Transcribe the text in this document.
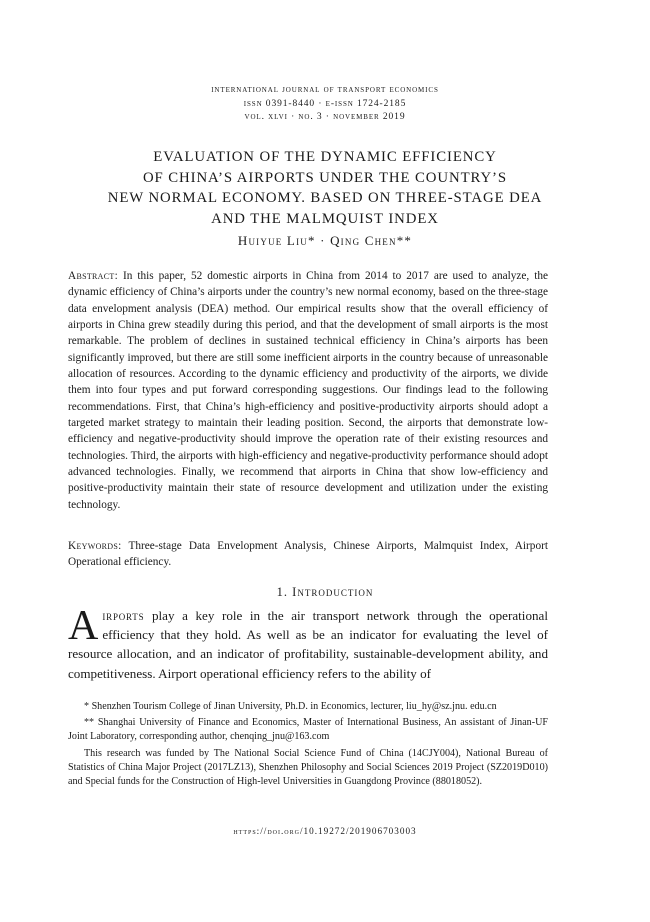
international journal of transport economics
issn 0391-8440 · e-issn 1724-2185
vol. xlvi · no. 3 · november 2019
EVALUATION OF THE DYNAMIC EFFICIENCY
OF CHINA’S AIRPORTS UNDER THE COUNTRY’S
NEW NORMAL ECONOMY. BASED ON THREE-STAGE DEA
AND THE MALMQUIST INDEX
Huiyue Liu* · Qing Chen**

Abstract: In this paper, 52 domestic airports in China from 2014 to 2017 are used to analyze, the dynamic efficiency of China’s airports under the country’s new normal economy, based on the three-stage data envelopment analysis (DEA) method. Our empirical results show that the overall efficiency of airports in China grew steadily during this period, and that the development of small airports is the most remarkable. The problem of declines in sustained technical efficiency in China’s airports has been significantly improved, but there are still some inefficient airports in the country because of unreasonable allocation of resources. According to the dynamic efficiency and productivity of the airports, we divide them into four types and put forward corresponding suggestions. Our findings lead to the following recommendations. First, that China’s high-efficiency and positive-productivity airports should adopt a targeted market strategy to maintain their leading position. Second, the airports that demonstrate low-efficiency and negative-productivity should improve the operation rate of their existing resources and technologies. Third, the airports with high-efficiency and negative-productivity performance should adopt advanced technologies. Finally, we recommend that airports in China that show low-efficiency and positive-productivity maintain their state of resource development and utilization under the existing technology.

Keywords: Three-stage Data Envelopment Analysis, Chinese Airports, Malmquist Index, Airport Operational efficiency.

1. Introduction

Airports play a key role in the air transport network through the operational efficiency that they hold. As well as be an indicator for evaluating the level of resource allocation, and an indicator of profitability, sustainable-development ability, and competitiveness. Airport operational efficiency refers to the ability of

* Shenzhen Tourism College of Jinan University, Ph.D. in Economics, lecturer, liu_hy@sz.jnu. edu.cn

** Shanghai University of Finance and Economics, Master of International Business, An assistant of Jinan-UF Joint Laboratory, corresponding author, chenqing_jnu@163.com

This research was funded by The National Social Science Fund of China (14CJY004), National Bureau of Statistics of China Major Project (2017LZ13), Shenzhen Philosophy and Social Sciences 2019 Project (SZ2019D010) and Special funds for the Construction of High-level Universities in Guangdong Province (88018052).

https://doi.org/10.19272/201906703003
